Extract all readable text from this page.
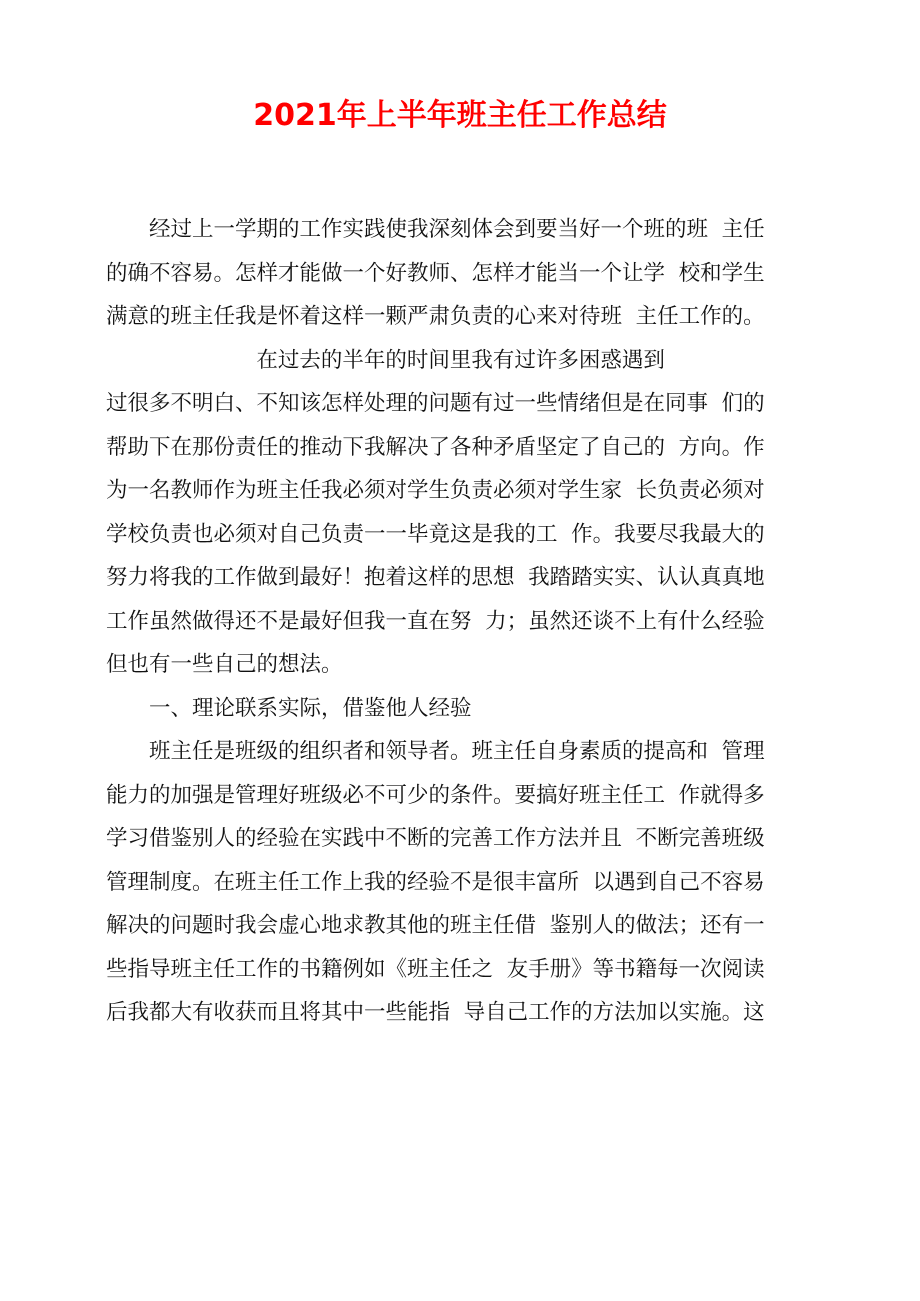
2021年上半年班主任工作总结
　　经过上一学期的工作实践使我深刻体会到要当好一个班的班  主任
的确不容易。怎样才能做一个好教师、怎样才能当一个让学  校和学生
满意的班主任我是怀着这样一颗严肃负责的心来对待班  主任工作的。
在过去的半年的时间里我有过许多困惑遇到
过很多不明白、不知该怎样处理的问题有过一些情绪但是在同事  们的
帮助下在那份责任的推动下我解决了各种矛盾坚定了自己的  方向。作
为一名教师作为班主任我必须对学生负责必须对学生家  长负责必须对
学校负责也必须对自己负责一一毕竟这是我的工  作。我要尽我最大的
努力将我的工作做到最好！抱着这样的思想  我踏踏实实、认认真真地
工作虽然做得还不是最好但我一直在努  力；虽然还谈不上有什么经验
但也有一些自己的想法。
　　一、理论联系实际，借鉴他人经验
　　班主任是班级的组织者和领导者。班主任自身素质的提高和  管理
能力的加强是管理好班级必不可少的条件。要搞好班主任工  作就得多
学习借鉴别人的经验在实践中不断的完善工作方法并且  不断完善班级
管理制度。在班主任工作上我的经验不是很丰富所  以遇到自己不容易
解决的问题时我会虚心地求教其他的班主任借  鉴别人的做法；还有一
些指导班主任工作的书籍例如《班主任之  友手册》等书籍每一次阅读
后我都大有收获而且将其中一些能指  导自己工作的方法加以实施。这
